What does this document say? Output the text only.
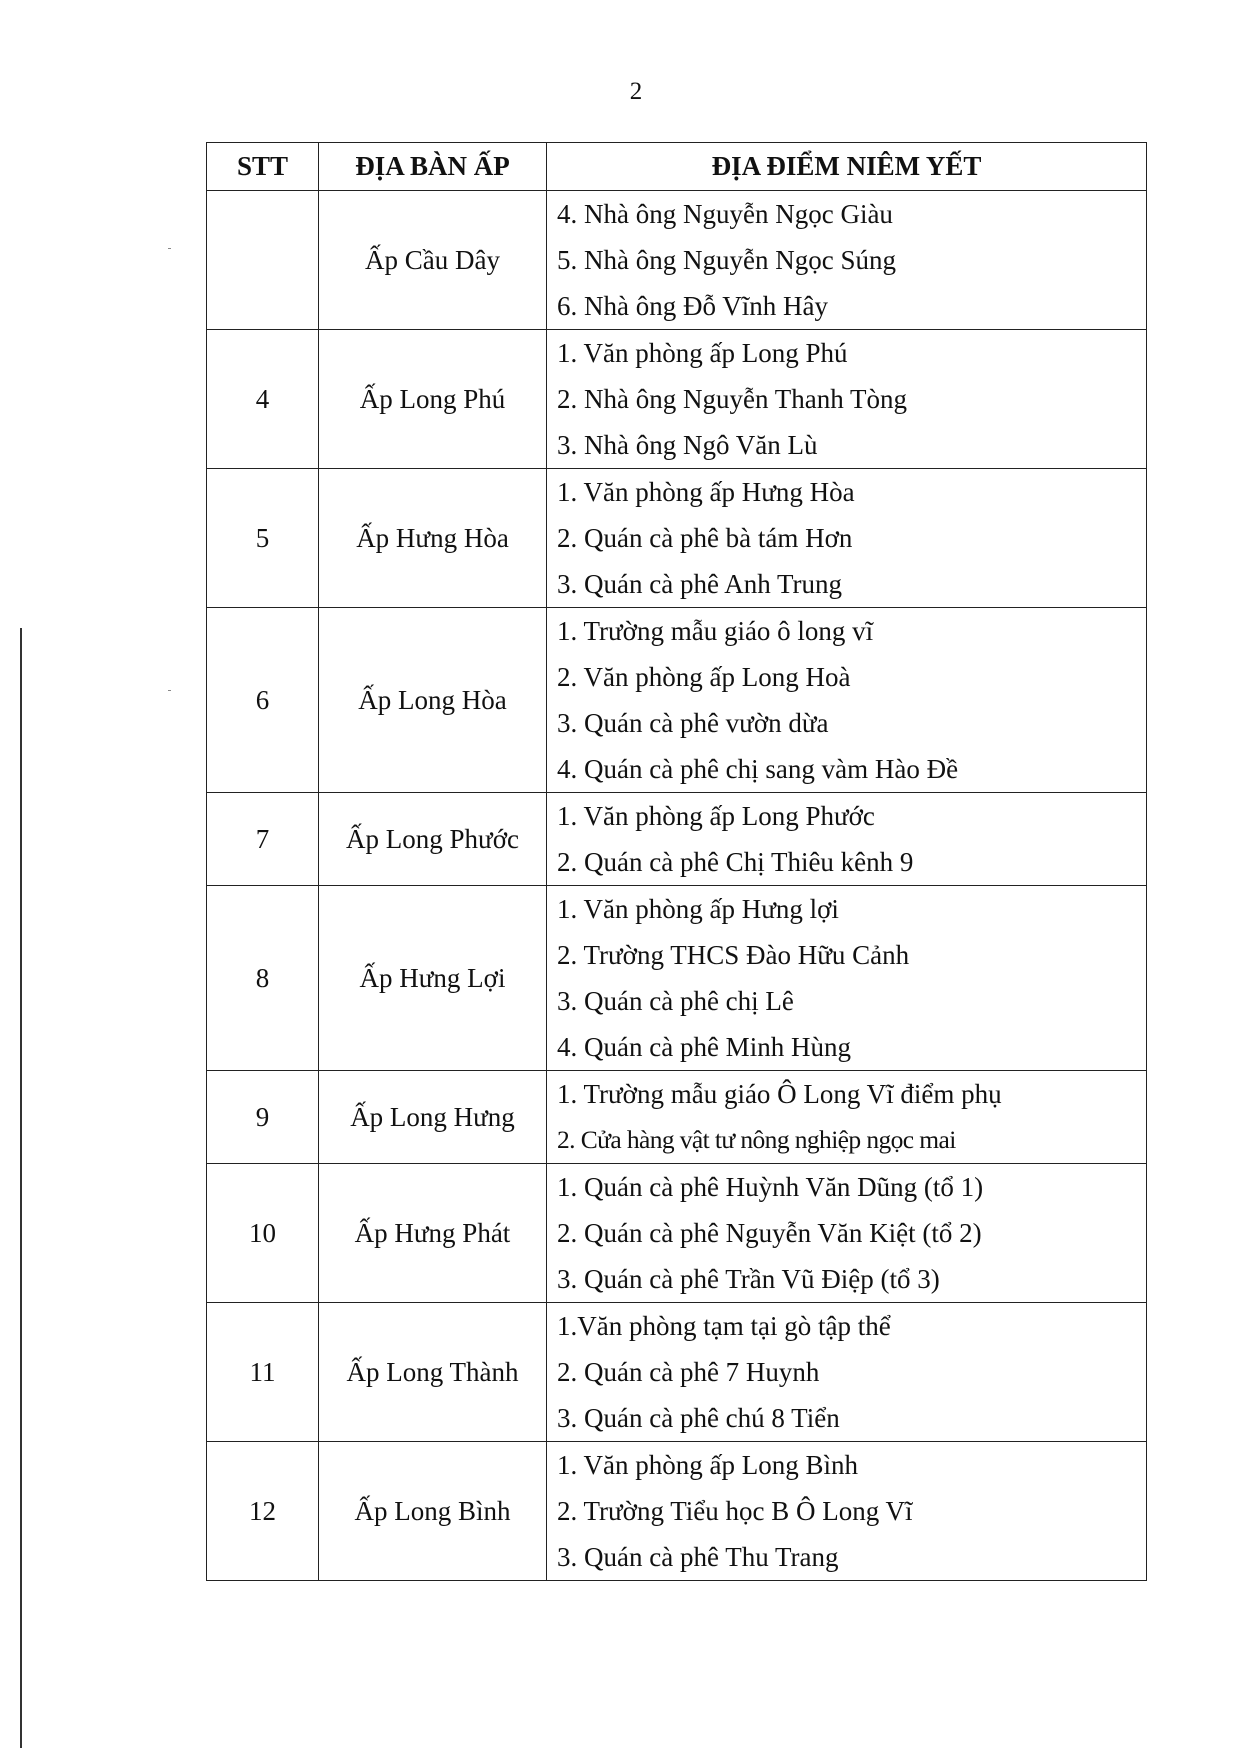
2
STT	ĐỊA BÀN ẤP	ĐỊA ĐIỂM NIÊM YẾT
	Ấp Cầu Dây	4. Nhà ông Nguyễn Ngọc Giàu
5. Nhà ông Nguyễn Ngọc Súng
6. Nhà ông Đỗ Vĩnh Hây

4	Ấp Long Phú	1. Văn phòng ấp Long Phú
2. Nhà ông Nguyễn Thanh Tòng
3. Nhà ông Ngô Văn Lù

5	Ấp Hưng Hòa	1. Văn phòng ấp Hưng Hòa
2. Quán cà phê bà tám Hơn
3. Quán cà phê Anh Trung

6	Ấp Long Hòa	1. Trường mẫu giáo ô long vĩ
2. Văn phòng ấp Long Hoà
3. Quán cà phê vườn dừa
4. Quán cà phê chị sang vàm Hào Đề

7	Ấp Long Phước	1. Văn phòng ấp Long Phước
2. Quán cà phê Chị Thiêu kênh 9

8	Ấp Hưng Lợi	1. Văn phòng ấp Hưng lợi
2. Trường THCS Đào Hữu Cảnh
3. Quán cà phê chị Lê
4. Quán cà phê Minh Hùng

9	Ấp Long Hưng	1. Trường mẫu giáo Ô Long Vĩ điểm phụ
2. Cửa hàng vật tư nông nghiệp ngọc mai

10	Ấp Hưng Phát	1. Quán cà phê Huỳnh Văn Dũng (tổ 1)
2. Quán cà phê Nguyễn Văn Kiệt (tổ 2)
3. Quán cà phê Trần Vũ Điệp (tổ 3)

11	Ấp Long Thành	1.Văn phòng tạm tại gò tập thể
2. Quán cà phê 7 Huynh
3. Quán cà phê chú 8 Tiển

12	Ấp Long Bình	1. Văn phòng ấp Long Bình
2. Trường Tiểu học B Ô Long Vĩ
3. Quán cà phê Thu Trang
